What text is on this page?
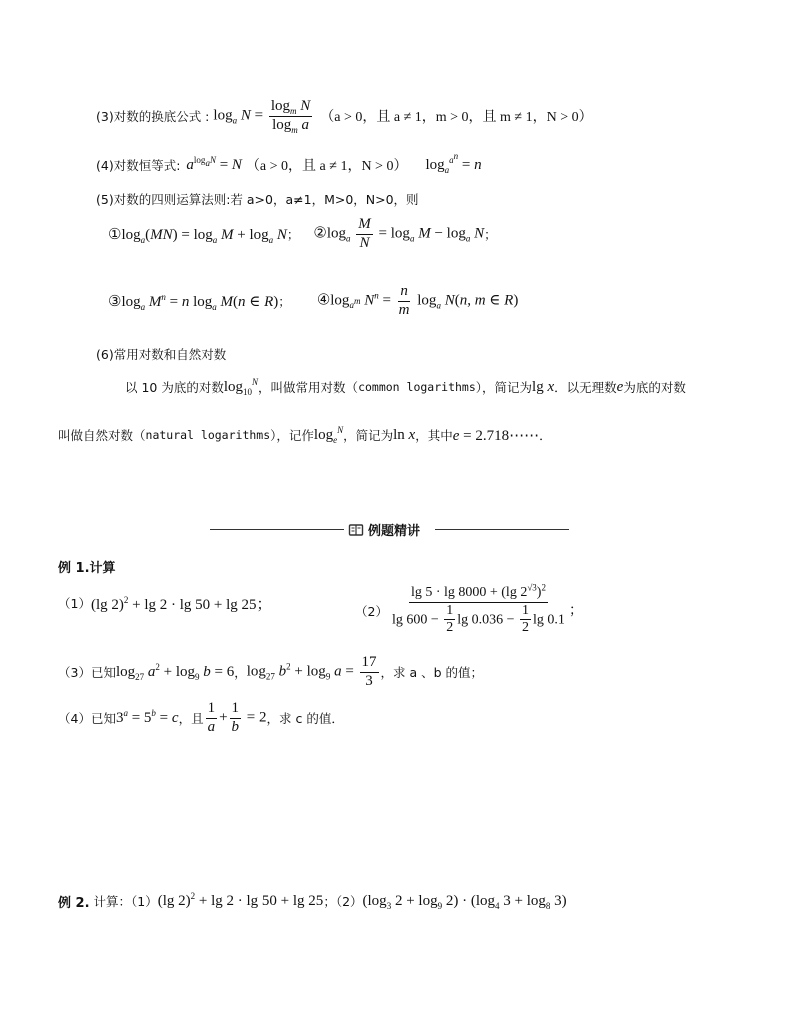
(3)对数的换底公式 : $\log_a N = \frac{\log_m N}{\log_m a} (a > 0$，且 a ≠ 1，m > 0，且 m ≠ 1，N > 0）
(4)对数恒等式: $a^{log_aN} = N$ （a > 0，且 a ≠ 1，N > 0） $\log_a^{a^n} = n$
(5)对数的四则运算法则:若 a>0，a≠1，M>0，N>0，则
$①\log_a(MN) = \log_a M + \log_a N$ ； $②\log_a \frac{M}{N} = \log_a M - \log_a N$ ；
$③\log_a$ $M^n = n$ $\log_a M(n$ ∈ R) ； $④\log_{a^m}$ $N^n = \frac{n}{m} \log_a N(n$, m ∈ R)
(6)常用对数和自然对数
以 10 为底的对数 $\log_{10}^N$ ，叫做常用对数（ common logarithms ），简记为 lg x ．以无理数 e 为底的对数
叫做自然对数（ natural logarithms ），记作 $\log_e^N$ ，简记为 ln x ，其中 e = 2.718⋯⋯ ．
例题精讲
例 1.计算
（1） (lg 2)$^2$ + lg 2 · lg 50 + lg 25；	$(2) \frac{\lg 5 \cdot \lg 8000 + (\lg 2^{√3})^2}{\lg 600 - \frac{1}{2} \lg 0.036 - \frac{1}{2} \lg 0.1}$ ；
（3）已知 $\log_{27} a^2 + \log_9 b = 6$ ， $\log_{27} b^2 + \log_9 a = \frac{17}{3}$ ，求 a 、b 的值；
（4）已知 $3^a = 5^b = c$ ，且 $\frac{1}{a} + \frac{1}{b} = 2$ ，求 c 的值．
例 2. 计算：（1） (lg 2)$^2$ + lg 2 · lg 50 + lg 25 ；（2） ($\log_3$ $2 + \log_9 2) \cdot (\log_4$ $3 + \log_8 3$)
